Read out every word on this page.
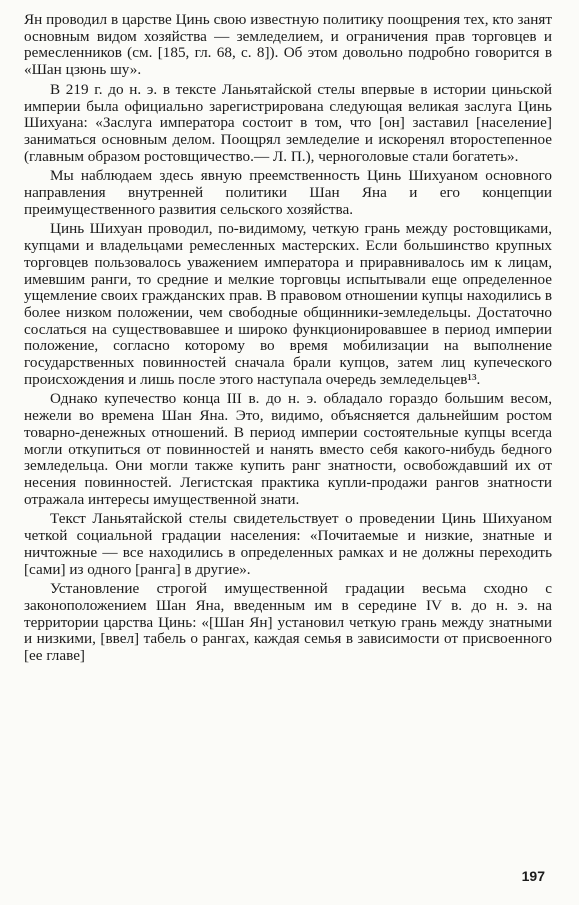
Ян проводил в царстве Цинь свою известную политику поощрения тех, кто занят основным видом хозяйства — земледелием, и ограничения прав торговцев и ремесленников (см. [185, гл. 68, с. 8]). Об этом довольно подробно говорится в «Шан цзюнь шу».

В 219 г. до н. э. в тексте Ланьятайской стелы впервые в истории циньской империи была официально зарегистрирована следующая великая заслуга Цинь Шихуана: «Заслуга императора состоит в том, что [он] заставил [население] заниматься основным делом. Поощрял земледелие и искоренял второстепенное (главным образом ростовщичество.— Л. П.), черноголовые стали богатеть».

Мы наблюдаем здесь явную преемственность Цинь Шихуаном основного направления внутренней политики Шан Яна и его концепции преимущественного развития сельского хозяйства.

Цинь Шихуан проводил, по-видимому, четкую грань между ростовщиками, купцами и владельцами ремесленных мастерских. Если большинство крупных торговцев пользовалось уважением императора и приравнивалось им к лицам, имевшим ранги, то средние и мелкие торговцы испытывали еще определенное ущемление своих гражданских прав. В правовом отношении купцы находились в более низком положении, чем свободные общинники-земледельцы. Достаточно сослаться на существовавшее и широко функционировавшее в период империи положение, согласно которому во время мобилизации на выполнение государственных повинностей сначала брали купцов, затем лиц купеческого происхождения и лишь после этого наступала очередь земледельцев¹³.

Однако купечество конца III в. до н. э. обладало гораздо большим весом, нежели во времена Шан Яна. Это, видимо, объясняется дальнейшим ростом товарно-денежных отношений. В период империи состоятельные купцы всегда могли откупиться от повинностей и нанять вместо себя какого-нибудь бедного земледельца. Они могли также купить ранг знатности, освобождавший их от несения повинностей. Легистская практика купли-продажи рангов знатности отражала интересы имущественной знати.

Текст Ланьятайской стелы свидетельствует о проведении Цинь Шихуаном четкой социальной градации населения: «Почитаемые и низкие, знатные и ничтожные — все находились в определенных рамках и не должны переходить [сами] из одного [ранга] в другие».

Установление строгой имущественной градации весьма сходно с законоположением Шан Яна, введенным им в середине IV в. до н. э. на территории царства Цинь: «[Шан Ян] установил четкую грань между знатными и низкими, [ввел] табель о рангах, каждая семья в зависимости от присвоенного [ее главе]

197
